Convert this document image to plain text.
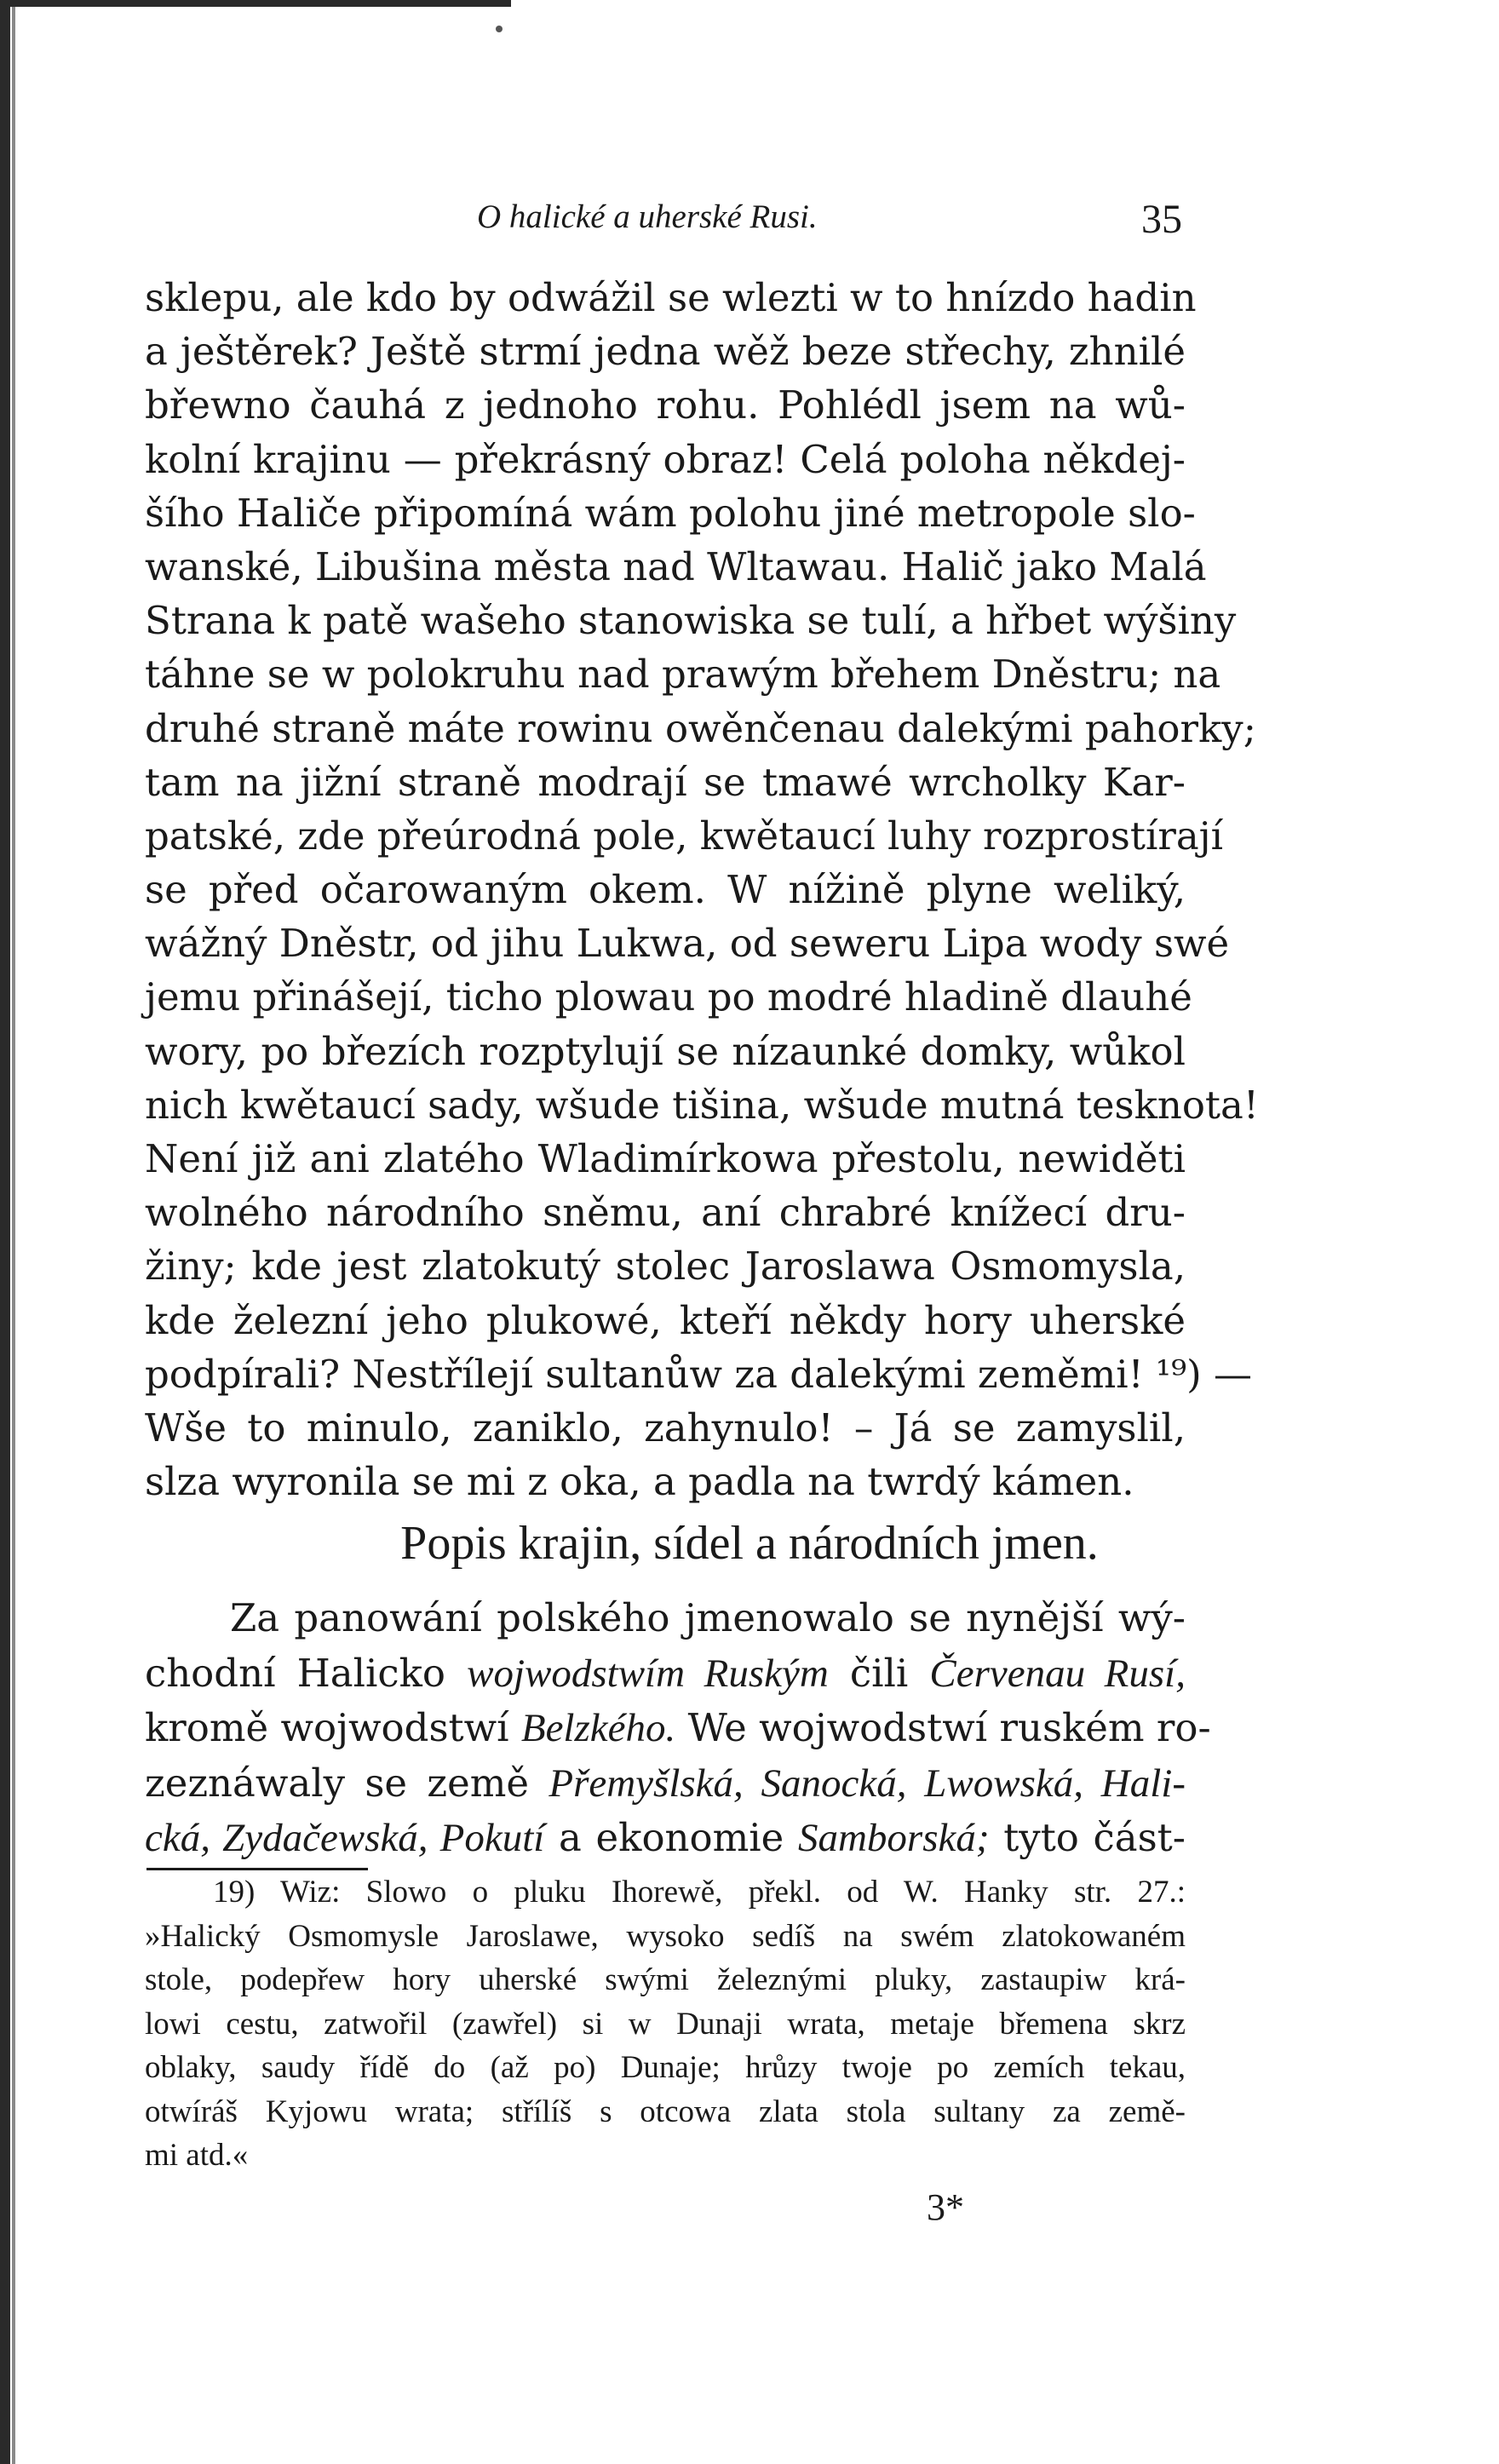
O halické a uherské Rusi.	35
sklepu, ale kdo by odwážil se wlezti w to hnízdo hadin
a ještěrek? Ještě strmí jedna wěž beze střechy, zhnilé
břewno čauhá z jednoho rohu. Pohlédl jsem na wů-
kolní krajinu — překrásný obraz! Celá poloha někdej-
šího Haliče připomíná wám polohu jiné metropole slo-
wanské, Libušina města nad Wltawau. Halič jako Malá
Strana k patě wašeho stanowiska se tulí, a hřbet wýšiny
táhne se w polokruhu nad prawým břehem Dněstru; na
druhé straně máte rowinu owěnčenau dalekými pahorky;
tam na jižní straně modrají se tmawé wrcholky Kar-
patské, zde přeúrodná pole, kwětaucí luhy rozprostírají
se před očarowaným okem. W nížině plyne weliký,
wážný Dněstr, od jihu Lukwa, od seweru Lipa wody swé
jemu přinášejí, ticho plowau po modré hladině dlauhé
wory, po březích rozptylují se nízaunké domky, wůkol
nich kwětaucí sady, wšude tišina, wšude mutná tesknota!
Není již ani zlatého Wladimírkowa přestolu, newiděti
wolného národního sněmu, aní chrabré knížecí dru-
žiny; kde jest zlatokutý stolec Jaroslawa Osmomysla,
kde železní jeho plukowé, kteří někdy hory uherské
podpírali? Nestřílejí sultanůw za dalekými zeměmi! ¹⁹) —
Wše to minulo, zaniklo, zahynulo! – Já se zamyslil,
slza wyronila se mi z oka, a padla na twrdý kámen.
Popis krajin, sídel a národních jmen.
Za panowání polského jmenowalo se nynější wý-
chodní Halicko wojwodstwím Ruským čili Červenau Rusí,
kromě wojwodstwí Belzkého. We wojwodstwí ruském ro-
zeznáwaly se země Přemyšlská, Sanocká, Lwowská, Hali-
cká, Zydačewská, Pokutí a ekonomie Samborská; tyto část-
19) Wiz: Slowo o pluku Ihorewě, překl. od W. Hanky str. 27.:
»Halický Osmomysle Jaroslawe, wysoko sedíš na swém zlatokowaném
stole, podepřew hory uherské swými železnými pluky, zastaupiw krá-
lowi cestu, zatwořil (zawřel) si w Dunaji wrata, metaje břemena skrz
oblaky, saudy řídě do (až po) Dunaje; hrůzy twoje po zemích tekau,
otwíráš Kyjowu wrata; střílíš s otcowa zlata stola sultany za země-
mi atd.«
3*
